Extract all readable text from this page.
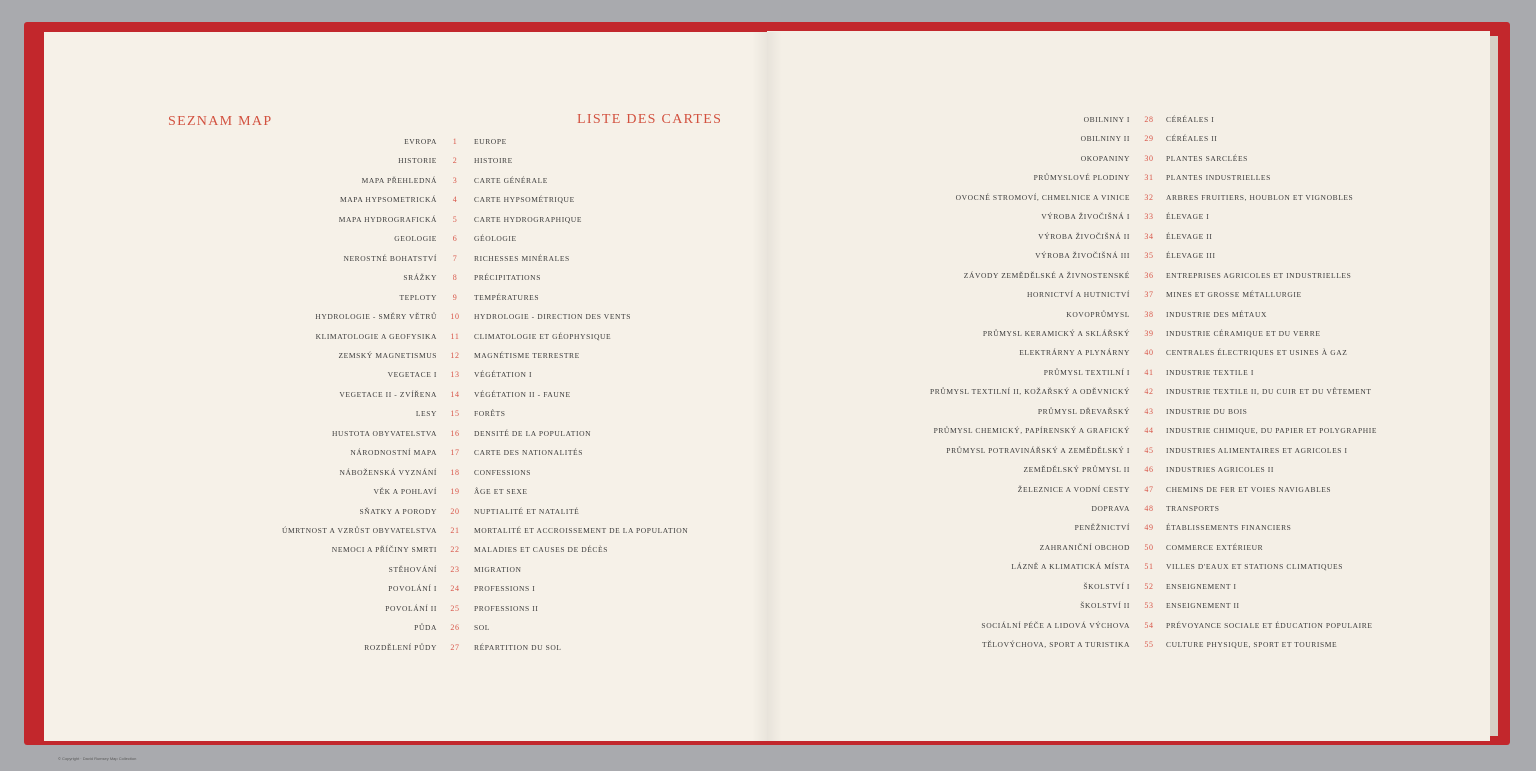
SEZNAM MAP	LISTE DES CARTES
EVROPA	1	EUROPE
HISTORIE	2	HISTOIRE
MAPA PŘEHLEDNÁ	3	CARTE GÉNÉRALE
MAPA HYPSOMETRICKÁ	4	CARTE HYPSOMÉTRIQUE
MAPA HYDROGRAFICKÁ	5	CARTE HYDROGRAPHIQUE
GEOLOGIE	6	GÉOLOGIE
NEROSTNÉ BOHATSTVÍ	7	RICHESSES MINÉRALES
SRÁŽKY	8	PRÉCIPITATIONS
TEPLOTY	9	TEMPÉRATURES
HYDROLOGIE - SMĚRY VĚTRŮ	10	HYDROLOGIE - DIRECTION DES VENTS
KLIMATOLOGIE A GEOFYSIKA	11	CLIMATOLOGIE ET GÉOPHYSIQUE
ZEMSKÝ MAGNETISMUS	12	MAGNÉTISME TERRESTRE
VEGETACE I	13	VÉGÉTATION I
VEGETACE II - ZVÍŘENA	14	VÉGÉTATION II - FAUNE
LESY	15	FORÊTS
HUSTOTA OBYVATELSTVA	16	DENSITÉ DE LA POPULATION
NÁRODNOSTNÍ MAPA	17	CARTE DES NATIONALITÉS
NÁBOŽENSKÁ VYZNÁNÍ	18	CONFESSIONS
VĚK A POHLAVÍ	19	ÂGE ET SEXE
SŇATKY A PORODY	20	NUPTIALITÉ ET NATALITÉ
ÚMRTNOST A VZRŮST OBYVATELSTVA	21	MORTALITÉ ET ACCROISSEMENT DE LA POPULATION
NEMOCI A PŘÍČINY SMRTI	22	MALADIES ET CAUSES DE DÉCÈS
STĚHOVÁNÍ	23	MIGRATION
POVOLÁNÍ I	24	PROFESSIONS I
POVOLÁNÍ II	25	PROFESSIONS II
PŮDA	26	SOL
ROZDĚLENÍ PŮDY	27	RÉPARTITION DU SOL
OBILNINY I	28	CÉRÉALES I
OBILNINY II	29	CÉRÉALES II
OKOPANINY	30	PLANTES SARCLÉES
PRŮMYSLOVÉ PLODINY	31	PLANTES INDUSTRIELLES
OVOCNÉ STROMOVÍ, CHMELNICE A VINICE	32	ARBRES FRUITIERS, HOUBLON ET VIGNOBLES
VÝROBA ŽIVOČIŠNÁ I	33	ÉLEVAGE I
VÝROBA ŽIVOČIŠNÁ II	34	ÉLEVAGE II
VÝROBA ŽIVOČIŠNÁ III	35	ÉLEVAGE III
ZÁVODY ZEMĚDĚLSKÉ A ŽIVNOSTENSKÉ	36	ENTREPRISES AGRICOLES ET INDUSTRIELLES
HORNICTVÍ A HUTNICTVÍ	37	MINES ET GROSSE MÉTALLURGIE
KOVOPRŮMYSL	38	INDUSTRIE DES MÉTAUX
PRŮMYSL KERAMICKÝ A SKLÁŘSKÝ	39	INDUSTRIE CÉRAMIQUE ET DU VERRE
ELEKTRÁRNY A PLYNÁRNY	40	CENTRALES ÉLECTRIQUES ET USINES À GAZ
PRŮMYSL TEXTILNÍ I	41	INDUSTRIE TEXTILE I
PRŮMYSL TEXTILNÍ II, KOŽAŘSKÝ A ODĚVNICKÝ	42	INDUSTRIE TEXTILE II, DU CUIR ET DU VÊTEMENT
PRŮMYSL DŘEVAŘSKÝ	43	INDUSTRIE DU BOIS
PRŮMYSL CHEMICKÝ, PAPÍRENSKÝ A GRAFICKÝ	44	INDUSTRIE CHIMIQUE, DU PAPIER ET POLYGRAPHIE
PRŮMYSL POTRAVINÁŘSKÝ A ZEMĚDĚLSKÝ I	45	INDUSTRIES ALIMENTAIRES ET AGRICOLES I
ZEMĚDĚLSKÝ PRŮMYSL II	46	INDUSTRIES AGRICOLES II
ŽELEZNICE A VODNÍ CESTY	47	CHEMINS DE FER ET VOIES NAVIGABLES
DOPRAVA	48	TRANSPORTS
PENĚŽNICTVÍ	49	ÉTABLISSEMENTS FINANCIERS
ZAHRANIČNÍ OBCHOD	50	COMMERCE EXTÉRIEUR
LÁZNĚ A KLIMATICKÁ MÍSTA	51	VILLES D'EAUX ET STATIONS CLIMATIQUES
ŠKOLSTVÍ I	52	ENSEIGNEMENT I
ŠKOLSTVÍ II	53	ENSEIGNEMENT II
SOCIÁLNÍ PÉČE A LIDOVÁ VÝCHOVA	54	PRÉVOYANCE SOCIALE ET ÉDUCATION POPULAIRE
TĚLOVÝCHOVA, SPORT A TURISTIKA	55	CULTURE PHYSIQUE, SPORT ET TOURISME
© Copyright · David Rumsey Map Collection
